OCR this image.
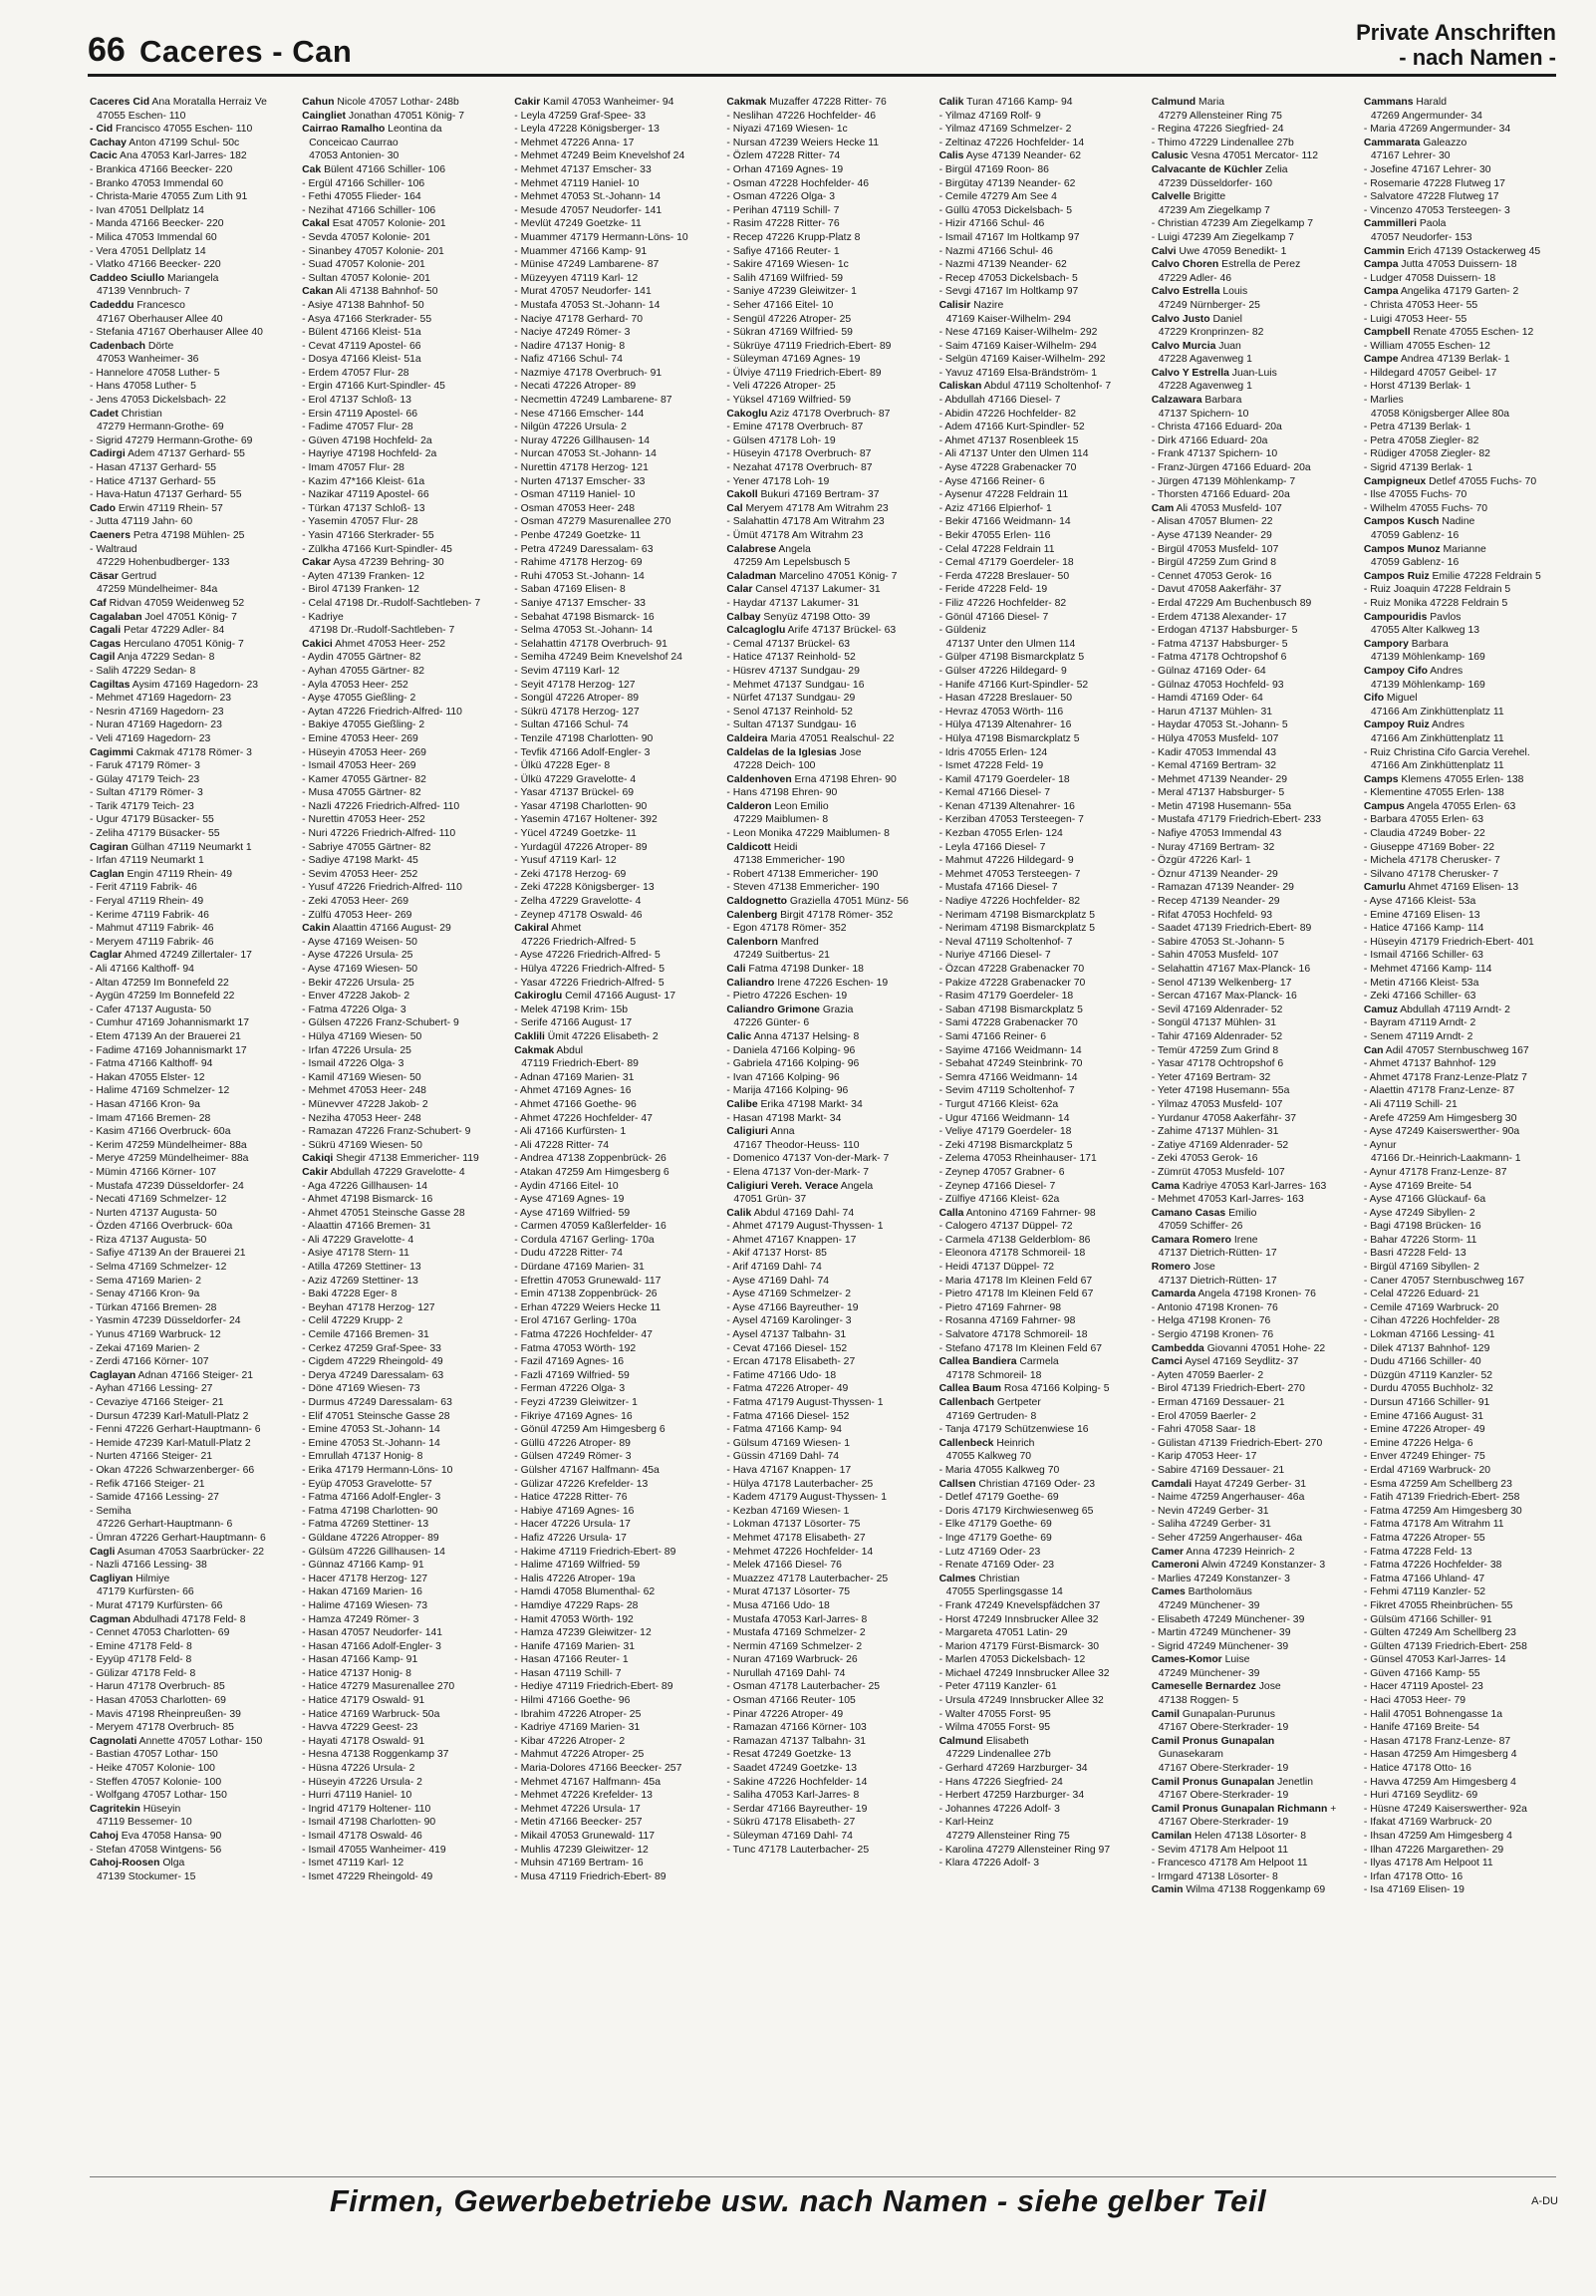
66 Caceres - Can
Private Anschriften
- nach Namen -
Caceres Cid Ana Moratalla Herraiz Ve
47055 Eschen- 110
- Cid Francisco 47055 Eschen- 110
Cachay Anton 47199 Schul- 50c
Cacic Ana 47053 Karl-Jarres- 182
- Brankica 47166 Beecker- 220
- Branko 47053 Immendal 60
- Christa-Marie 47055 Zum Lith 91
- Ivan 47051 Dellplatz 14
- Manda 47166 Beecker- 220
- Milica 47053 Immendal 60
- Vera 47051 Dellplatz 14
- Vlatko 47166 Beecker- 220
Caddeo Sciullo Mariangela
47139 Vennbruch- 7
Cadeddu Francesco
47167 Oberhauser Allee 40
- Stefania 47167 Oberhauser Allee 40
Cadenbach Dörte
47053 Wanheimer- 36
- Hannelore 47058 Luther- 5
- Hans 47058 Luther- 5
- Jens 47053 Dickelsbach- 22
Cadet Christian
47279 Hermann-Grothe- 69
- Sigrid 47279 Hermann-Grothe- 69
Cadirgi Adem 47137 Gerhard- 55
- Hasan 47137 Gerhard- 55
- Hatice 47137 Gerhard- 55
- Hava-Hatun 47137 Gerhard- 55
Cado Erwin 47119 Rhein- 57
- Jutta 47119 Jahn- 60
Caeners Petra 47198 Mühlen- 25
- Waltraud
47229 Hohenbudberger- 133
Cäsar Gertrud
47259 Mündelheimer- 84a
Caf Ridvan 47059 Weidenweg 52
Cagalaban Joel 47051 König- 7
Cagali Petar 47229 Adler- 84
Cagas Herculano 47051 König- 7
Cagil Anja 47229 Sedan- 8
- Salih 47229 Sedan- 8
Cagiltas Aysim 47169 Hagedorn- 23
- Mehmet 47169 Hagedorn- 23
- Nesrin 47169 Hagedorn- 23
- Nuran 47169 Hagedorn- 23
- Veli 47169 Hagedorn- 23
Cagimmi Cakmak 47178 Römer- 3
- Faruk 47179 Römer- 3
- Gülay 47179 Teich- 23
- Sultan 47179 Römer- 3
- Tarik 47179 Teich- 23
- Ugur 47179 Büsacker- 55
- Zeliha 47179 Büsacker- 55
Cagiran Gülhan 47119 Neumarkt 1
- Irfan 47119 Neumarkt 1
Caglan Engin 47119 Rhein- 49
- Ferit 47119 Fabrik- 46
- Feryal 47119 Rhein- 49
- Kerime 47119 Fabrik- 46
- Mahmut 47119 Fabrik- 46
- Meryem 47119 Fabrik- 46
Caglar Ahmed 47249 Zillertaler- 17
- Ali 47166 Kalthoff- 94
- Altan 47259 Im Bonnefeld 22
- Aygün 47259 Im Bonnefeld 22
- Cafer 47137 Augusta- 50
- Cumhur 47169 Johannismarkt 17
- Etem 47139 An der Brauerei 21
- Fadime 47169 Johannismarkt 17
- Fatma 47166 Kalthoff- 94
- Hakan 47055 Elster- 12
- Halime 47169 Schmelzer- 12
- Hasan 47166 Kron- 9a
- Imam 47166 Bremen- 28
- Kasim 47166 Overbruck- 60a
- Kerim 47259 Mündelheimer- 88a
- Merye 47259 Mündelheimer- 88a
- Mümin 47166 Körner- 107
- Mustafa 47239 Düsseldorfer- 24
- Necati 47169 Schmelzer- 12
- Nurten 47137 Augusta- 50
- Özden 47166 Overbruck- 60a
- Riza 47137 Augusta- 50
- Safiye 47139 An der Brauerei 21
- Selma 47169 Schmelzer- 12
- Sema 47169 Marien- 2
- Senay 47166 Kron- 9a
- Türkan 47166 Bremen- 28
- Yasmin 47239 Düsseldorfer- 24
- Yunus 47169 Warbruck- 12
- Zekai 47169 Marien- 2
- Zerdi 47166 Körner- 107
Caglayan Adnan 47166 Steiger- 21
- Ayhan 47166 Lessing- 27
- Cevaziye 47166 Steiger- 21
- Dursun 47239 Karl-Matull-Platz 2
- Fenni 47226 Gerhart-Hauptmann- 6
- Hemide 47239 Karl-Matull-Platz 2
- Nurten 47166 Steiger- 21
- Okan 47226 Schwarzenberger- 66
- Refik 47166 Steiger- 21
- Samide 47166 Lessing- 27
- Semiha
47226 Gerhart-Hauptmann- 6
- Ümran 47226 Gerhart-Hauptmann- 6
Cagli Asuman 47053 Saarbrücker- 22
- Nazli 47166 Lessing- 38
Cagliyan Hilmiye
47179 Kurfürsten- 66
- Murat 47179 Kurfürsten- 66
Cagman Abdulhadi 47178 Feld- 8
- Cennet 47053 Charlotten- 69
- Emine 47178 Feld- 8
- Eyyüp 47178 Feld- 8
- Gülizar 47178 Feld- 8
- Harun 47178 Overbruch- 85
- Hasan 47053 Charlotten- 69
- Mavis 47198 Rheinpreußen- 39
- Meryem 47178 Overbruch- 85
Cagnolati Annette 47057 Lothar- 150
- Bastian 47057 Lothar- 150
- Heike 47057 Kolonie- 100
- Steffen 47057 Kolonie- 100
- Wolfgang 47057 Lothar- 150
Cagritekin Hüseyin
47119 Bessemer- 10
Cahoj Eva 47058 Hansa- 90
- Stefan 47058 Wintgens- 56
Cahoj-Roosen Olga
47139 Stockumer- 15
Cahun Nicole 47057 Lothar- 248b
Caingliet Jonathan 47051 König- 7
Cairrao Ramalho Leontina da
Conceicao Caurrao
47053 Antonien- 30
Cak Bülent 47166 Schiller- 106
- Ergül 47166 Schiller- 106
- Fethi 47055 Flieder- 164
- Nezihat 47166 Schiller- 106
Cakal Esat 47057 Kolonie- 201
- Sevda 47057 Kolonie- 201
- Sinanbey 47057 Kolonie- 201
- Suad 47057 Kolonie- 201
- Sultan 47057 Kolonie- 201
Cakan Ali 47138 Bahnhof- 50
- Asiye 47138 Bahnhof- 50
- Asya 47166 Sterkrader- 55
- Bülent 47166 Kleist- 51a
- Cevat 47119 Apostel- 66
- Dosya 47166 Kleist- 51a
- Erdem 47057 Flur- 28
- Ergin 47166 Kurt-Spindler- 45
- Erol 47137 Schloß- 13
- Ersin 47119 Apostel- 66
- Fadime 47057 Flur- 28
- Güven 47198 Hochfeld- 2a
- Hayriye 47198 Hochfeld- 2a
- Imam 47057 Flur- 28
- Kazim 47*166 Kleist- 61a
- Nazikar 47119 Apostel- 66
- Türkan 47137 Schloß- 13
- Yasemin 47057 Flur- 28
- Yasin 47166 Sterkrader- 55
- Zülkha 47166 Kurt-Spindler- 45
Cakar Aysa 47239 Behring- 30
- Ayten 47139 Franken- 12
- Birol 47139 Franken- 12
- Celal 47198 Dr.-Rudolf-Sachtleben- 7
- Kadriye
47198 Dr.-Rudolf-Sachtleben- 7
Cakici Ahmet 47053 Heer- 252
- Aydin 47055 Gärtner- 82
- Ayhan 47055 Gärtner- 82
- Ayla 47053 Heer- 252
- Ayşe 47055 Gießling- 2
- Aytan 47226 Friedrich-Alfred- 110
- Bakiye 47055 Gießling- 2
- Emine 47053 Heer- 269
- Hüseyin 47053 Heer- 269
- Ismail 47053 Heer- 269
- Kamer 47055 Gärtner- 82
- Musa 47055 Gärtner- 82
- Nazli 47226 Friedrich-Alfred- 110
- Nurettin 47053 Heer- 252
- Nuri 47226 Friedrich-Alfred- 110
- Sabriye 47055 Gärtner- 82
- Sadiye 47198 Markt- 45
- Sevim 47053 Heer- 252
- Yusuf 47226 Friedrich-Alfred- 110
- Zeki 47053 Heer- 269
- Zülfü 47053 Heer- 269
Cakin Alaattin 47166 August- 29
- Ayse 47169 Weisen- 50
- Ayse 47226 Ursula- 25
- Ayse 47169 Wiesen- 50
- Bekir 47226 Ursula- 25
- Enver 47228 Jakob- 2
- Fatma 47226 Olga- 3
- Gülsen 47226 Franz-Schubert- 9
- Hülya 47169 Wiesen- 50
- Irfan 47226 Ursula- 25
- Ismail 47226 Olga- 3
- Kamil 47169 Wiesen- 50
- Mehmet 47053 Heer- 248
- Münevver 47228 Jakob- 2
- Neziha 47053 Heer- 248
- Ramazan 47226 Franz-Schubert- 9
- Sükrü 47169 Wiesen- 50
Cakiqi Shegir 47138 Emmericher- 119
Cakir Abdullah 47229 Gravelotte- 4
- Aga 47226 Gillhausen- 14
- Ahmet 47198 Bismarck- 16
- Ahmet 47051 Steinsche Gasse 28
- Alaattin 47166 Bremen- 31
- Ali 47229 Gravelotte- 4
- Asiye 47178 Stern- 11
- Atilla 47269 Stettiner- 13
- Aziz 47269 Stettiner- 13
- Baki 47228 Eger- 8
- Beyhan 47178 Herzog- 127
- Celil 47229 Krupp- 2
- Cemile 47166 Bremen- 31
- Cerkez 47259 Graf-Spee- 33
- Cigdem 47229 Rheingold- 49
- Derya 47249 Daressalam- 63
- Döne 47169 Wiesen- 73
- Durmus 47249 Daressalam- 63
- Elif 47051 Steinsche Gasse 28
- Emine 47053 St.-Johann- 14
- Emine 47053 St.-Johann- 14
- Emrullah 47137 Honig- 8
- Erika 47179 Hermann-Löns- 10
- Eyüp 47053 Gravelotte- 57
- Fatma 47166 Adolf-Engler- 3
- Fatma 47198 Charlotten- 90
- Fatma 47269 Stettiner- 13
- Güldane 47226 Atropper- 89
- Gülsüm 47226 Gillhausen- 14
- Günnaz 47166 Kamp- 91
- Hacer 47178 Herzog- 127
- Hakan 47169 Marien- 16
- Halime 47169 Wiesen- 73
- Hamza 47249 Römer- 3
- Hasan 47057 Neudorfer- 141
- Hasan 47166 Adolf-Engler- 3
- Hasan 47166 Kamp- 91
- Hatice 47137 Honig- 8
- Hatice 47279 Masurenallee 270
- Hatice 47179 Oswald- 91
- Hatice 47169 Warbruck- 50a
- Havva 47229 Geest- 23
- Hayati 47178 Oswald- 91
- Hesna 47138 Roggenkamp 37
- Hüsna 47226 Ursula- 2
- Hüseyin 47226 Ursula- 2
- Hurri 47119 Haniel- 10
- Ingrid 47179 Holtener- 110
- Ismail 47198 Charlotten- 90
- Ismail 47178 Oswald- 46
- Ismail 47055 Wanheimer- 419
- Ismet 47119 Karl- 12
- Ismet 47229 Rheingold- 49
Cakir Kamil 47053 Wanheimer- 94
- Leyla 47259 Graf-Spee- 33
- Leyla 47228 Königsberger- 13
- Mehmet 47226 Anna- 17
- Mehmet 47249 Beim Knevelshof 24
- Mehmet 47137 Emscher- 33
- Mehmet 47119 Haniel- 10
- Mehmet 47053 St.-Johann- 14
- Mesude 47057 Neudorfer- 141
- Mevlüt 47249 Goetzke- 11
- Muammer 47179 Hermann-Löns- 10
- Muammer 47166 Kamp- 91
- Münise 47249 Lambarene- 87
- Müzeyyen 47119 Karl- 12
- Murat 47057 Neudorfer- 141
- Mustafa 47053 St.-Johann- 14
- Naciye 47178 Gerhard- 70
- Naciye 47249 Römer- 3
- Nadire 47137 Honig- 8
- Nafiz 47166 Schul- 74
- Nazmiye 47178 Overbruch- 91
- Necati 47226 Atroper- 89
- Necmettin 47249 Lambarene- 87
- Nese 47166 Emscher- 144
- Nilgün 47226 Ursula- 2
- Nuray 47226 Gillhausen- 14
- Nurcan 47053 St.-Johann- 14
- Nurettin 47178 Herzog- 121
- Nurten 47137 Emscher- 33
- Osman 47119 Haniel- 10
- Osman 47053 Heer- 248
- Osman 47279 Masurenallee 270
- Penbe 47249 Goetzke- 11
- Petra 47249 Daressalam- 63
- Rahime 47178 Herzog- 69
- Ruhi 47053 St.-Johann- 14
- Saban 47169 Elisen- 8
- Saniye 47137 Emscher- 33
- Sebahat 47198 Bismarck- 16
- Selma 47053 St.-Johann- 14
- Selahattin 47178 Overbruch- 91
- Semiha 47249 Beim Knevelshof 24
- Sevim 47119 Karl- 12
- Seyit 47178 Herzog- 127
- Songül 47226 Atroper- 89
- Sükrü 47178 Herzog- 127
- Sultan 47166 Schul- 74
- Tenzile 47198 Charlotten- 90
- Tevfik 47166 Adolf-Engler- 3
- Ülkü 47228 Eger- 8
- Ülkü 47229 Gravelotte- 4
- Yasar 47137 Brückel- 69
- Yasar 47198 Charlotten- 90
- Yasemin 47167 Holtener- 392
- Yücel 47249 Goetzke- 11
- Yurdagül 47226 Atroper- 89
- Yusuf 47119 Karl- 12
- Zeki 47178 Herzog- 69
- Zeki 47228 Königsberger- 13
- Zelha 47229 Gravelotte- 4
- Zeynep 47178 Oswald- 46
Cakiral Ahmet
47226 Friedrich-Alfred- 5
- Ayse 47226 Friedrich-Alfred- 5
- Hülya 47226 Friedrich-Alfred- 5
- Yasar 47226 Friedrich-Alfred- 5
Cakiroglu Cemil 47166 August- 17
- Melek 47198 Krim- 15b
- Serife 47166 August- 17
Caklili Ümit 47226 Elisabeth- 2
Cakmak Abdul
47119 Friedrich-Ebert- 89
- Adnan 47169 Marien- 31
- Ahmet 47169 Agnes- 16
- Ahmet 47166 Goethe- 96
- Ahmet 47226 Hochfelder- 47
- Ali 47166 Kurfürsten- 1
- Ali 47228 Ritter- 74
- Andrea 47138 Zoppenbrück- 26
- Atakan 47259 Am Himgesberg 6
- Aydin 47166 Eitel- 10
- Ayse 47169 Agnes- 19
- Ayse 47169 Wilfried- 59
- Carmen 47059 Kaßlerfelder- 16
- Cordula 47167 Gerling- 170a
- Dudu 47228 Ritter- 74
- Dürdane 47169 Marien- 31
- Efrettin 47053 Grunewald- 117
- Emin 47138 Zoppenbrück- 26
- Erhan 47229 Weiers Hecke 11
- Erol 47167 Gerling- 170a
- Fatma 47226 Hochfelder- 47
- Fatma 47053 Wörth- 192
- Fazil 47169 Agnes- 16
- Fazli 47169 Wilfried- 59
- Ferman 47226 Olga- 3
- Feyzi 47239 Gleiwitzer- 1
- Fikriye 47169 Agnes- 16
- Gönül 47259 Am Himgesberg 6
- Güllü 47226 Atroper- 89
- Gülsen 47249 Römer- 3
- Gülsher 47167 Halfmann- 45a
- Gülizar 47226 Krefelder- 13
- Hatice 47228 Ritter- 76
- Habiye 47169 Agnes- 16
- Hacer 47226 Ursula- 17
- Hafiz 47226 Ursula- 17
- Hakime 47119 Friedrich-Ebert- 89
- Halime 47169 Wilfried- 59
- Halis 47226 Atroper- 19a
- Hamdi 47058 Blumenthal- 62
- Hamdiye 47229 Raps- 28
- Hamit 47053 Wörth- 192
- Hamza 47239 Gleiwitzer- 12
- Hanife 47169 Marien- 31
- Hasan 47166 Reuter- 1
- Hasan 47119 Schill- 7
- Hediye 47119 Friedrich-Ebert- 89
- Hilmi 47166 Goethe- 96
- Ibrahim 47226 Atroper- 25
- Kadriye 47169 Marien- 31
- Kibar 47226 Atroper- 2
- Mahmut 47226 Atroper- 25
- Maria-Dolores 47166 Beecker- 257
- Mehmet 47167 Halfmann- 45a
- Mehmet 47226 Krefelder- 13
- Mehmet 47226 Ursula- 17
- Metin 47166 Beecker- 257
- Mikail 47053 Grunewald- 117
- Muhlis 47239 Gleiwitzer- 12
- Muhsin 47169 Bertram- 16
- Musa 47119 Friedrich-Ebert- 89
Cakmak Muzaffer 47228 Ritter- 76
- Neslihan 47226 Hochfelder- 46
- Niyazi 47169 Wiesen- 1c
- Nursan 47239 Weiers Hecke 11
- Özlem 47228 Ritter- 74
- Orhan 47169 Agnes- 19
- Osman 47228 Hochfelder- 46
- Osman 47226 Olga- 3
- Perihan 47119 Schill- 7
- Rasim 47228 Ritter- 76
- Recep 47226 Krupp-Platz 8
- Safiye 47166 Reuter- 1
- Sakire 47169 Wiesen- 1c
- Salih 47169 Wilfried- 59
- Saniye 47239 Gleiwitzer- 1
- Seher 47166 Eitel- 10
- Sengül 47226 Atroper- 25
- Sükran 47169 Wilfried- 59
- Sükrüye 47119 Friedrich-Ebert- 89
- Süleyman 47169 Agnes- 19
- Ülviye 47119 Friedrich-Ebert- 89
- Veli 47226 Atroper- 25
- Yüksel 47169 Wilfried- 59
Cakoglu Aziz 47178 Overbruch- 87
- Emine 47178 Overbruch- 87
- Gülsen 47178 Loh- 19
- Hüseyin 47178 Overbruch- 87
- Nezahat 47178 Overbruch- 87
- Yener 47178 Loh- 19
Cakoll Bukuri 47169 Bertram- 37
Cal Meryem 47178 Am Witrahm 23
- Salahattin 47178 Am Witrahm 23
- Ümüt 47178 Am Witrahm 23
Calabrese Angela
47259 Am Lepelsbusch 5
Caladman Marcelino 47051 König- 7
Calar Cansel 47137 Lakumer- 31
- Haydar 47137 Lakumer- 31
Calbay Senyüz 47198 Otto- 39
Calcagloglu Arife 47137 Brückel- 63
- Cemal 47137 Brückel- 63
- Hatice 47137 Reinhold- 52
- Hüsrev 47137 Sundgau- 29
- Mehmet 47137 Sundgau- 16
- Nürfet 47137 Sundgau- 29
- Senol 47137 Reinhold- 52
- Sultan 47137 Sundgau- 16
Caldeira Maria 47051 Realschul- 22
Caldelas de la Iglesias Jose
47228 Deich- 100
Caldenhoven Erna 47198 Ehren- 90
- Hans 47198 Ehren- 90
Calderon Leon Emilio
47229 Maiblumen- 8
- Leon Monika 47229 Maiblumen- 8
Caldicott Heidi
47138 Emmericher- 190
- Robert 47138 Emmericher- 190
- Steven 47138 Emmericher- 190
Caldognetto Graziella 47051 Münz- 56
Calenberg Birgit 47178 Römer- 352
- Egon 47178 Römer- 352
Calenborn Manfred
47249 Suitbertus- 21
Cali Fatma 47198 Dunker- 18
Caliandro Irene 47226 Eschen- 19
- Pietro 47226 Eschen- 19
Caliandro Grimone Grazia
47226 Günter- 6
Calic Anna 47137 Helsing- 8
- Daniela 47166 Kolping- 96
- Gabriela 47166 Kolping- 96
- Ivan 47166 Kolping- 96
- Marija 47166 Kolping- 96
Calibe Erika 47198 Markt- 34
- Hasan 47198 Markt- 34
Caligiuri Anna
47167 Theodor-Heuss- 110
- Domenico 47137 Von-der-Mark- 7
- Elena 47137 Von-der-Mark- 7
Caligiuri Vereh. Verace Angela
47051 Grün- 37
Calik Abdul 47169 Dahl- 74
- Ahmet 47179 August-Thyssen- 1
- Ahmet 47167 Knappen- 17
- Akif 47137 Horst- 85
- Arif 47169 Dahl- 74
- Ayse 47169 Dahl- 74
- Ayse 47169 Schmelzer- 2
- Ayse 47166 Bayreuther- 19
- Aysel 47169 Karolinger- 3
- Aysel 47137 Talbahn- 31
- Cevat 47166 Diesel- 152
- Ercan 47178 Elisabeth- 27
- Fatime 47166 Udo- 18
- Fatma 47226 Atroper- 49
- Fatma 47179 August-Thyssen- 1
- Fatma 47166 Diesel- 152
- Fatma 47166 Kamp- 94
- Gülsum 47169 Wiesen- 1
- Güssin 47169 Dahl- 74
- Hava 47167 Knappen- 17
- Hülya 47178 Lauterbacher- 25
- Kadem 47179 August-Thyssen- 1
- Kezban 47169 Wiesen- 1
- Lokman 47137 Lösorter- 75
- Mehmet 47178 Elisabeth- 27
- Mehmet 47226 Hochfelder- 14
- Melek 47166 Diesel- 76
- Muazzez 47178 Lauterbacher- 25
- Murat 47137 Lösorter- 75
- Musa 47166 Udo- 18
- Mustafa 47053 Karl-Jarres- 8
- Mustafa 47169 Schmelzer- 2
- Nermin 47169 Schmelzer- 2
- Nuran 47169 Warbruck- 26
- Nurullah 47169 Dahl- 74
- Osman 47178 Lauterbacher- 25
- Osman 47166 Reuter- 105
- Pinar 47226 Atroper- 49
- Ramazan 47166 Körner- 103
- Ramazan 47137 Talbahn- 31
- Resat 47249 Goetzke- 13
- Saadet 47249 Goetzke- 13
- Sakine 47226 Hochfelder- 14
- Saliha 47053 Karl-Jarres- 8
- Serdar 47166 Bayreuther- 19
- Sükrü 47178 Elisabeth- 27
- Süleyman 47169 Dahl- 74
- Tunc 47178 Lauterbacher- 25
Calik Turan 47166 Kamp- 94
- Yilmaz 47169 Rolf- 9
- Yilmaz 47169 Schmelzer- 2
- Zeltinaz 47226 Hochfelder- 14
Calis Ayse 47139 Neander- 62
- Birgül 47169 Roon- 86
- Birgütay 47139 Neander- 62
- Cemile 47279 Am See 4
- Güllü 47053 Dickelsbach- 5
- Hizir 47166 Schul- 46
- Ismail 47167 Im Holtkamp 97
- Nazmi 47166 Schul- 46
- Nazmi 47139 Neander- 62
- Recep 47053 Dickelsbach- 5
- Sevgi 47167 Im Holtkamp 97
Calisir Nazire
47169 Kaiser-Wilhelm- 294
- Nese 47169 Kaiser-Wilhelm- 292
- Saim 47169 Kaiser-Wilhelm- 294
- Selgün 47169 Kaiser-Wilhelm- 292
- Yavuz 47169 Elsa-Brändström- 1
Caliskan Abdul 47119 Scholtenhof- 7
- Abdullah 47166 Diesel- 7
- Abidin 47226 Hochfelder- 82
- Adem 47166 Kurt-Spindler- 52
- Ahmet 47137 Rosenbleek 15
- Ali 47137 Unter den Ulmen 114
- Ayse 47228 Grabenacker 70
- Ayse 47166 Reiner- 6
- Aysenur 47228 Feldrain 11
- Aziz 47166 Elpierhof- 1
- Bekir 47166 Weidmann- 14
- Bekir 47055 Erlen- 116
- Celal 47228 Feldrain 11
- Cemal 47179 Goerdeler- 18
- Ferda 47228 Breslauer- 50
- Feride 47228 Feld- 19
- Filiz 47226 Hochfelder- 82
- Gönül 47166 Diesel- 7
- Güldeniz
47137 Unter den Ulmen 114
- Gülper 47198 Bismarckplatz 5
- Gülser 47226 Hildegard- 9
- Hanife 47166 Kurt-Spindler- 52
- Hasan 47228 Breslauer- 50
- Hevraz 47053 Wörth- 116
- Hülya 47139 Altenahrer- 16
- Hülya 47198 Bismarckplatz 5
- Idris 47055 Erlen- 124
- Ismet 47228 Feld- 19
- Kamil 47179 Goerdeler- 18
- Kemal 47166 Diesel- 7
- Kenan 47139 Altenahrer- 16
- Kerziban 47053 Tersteegen- 7
- Kezban 47055 Erlen- 124
- Leyla 47166 Diesel- 7
- Mahmut 47226 Hildegard- 9
- Mehmet 47053 Tersteegen- 7
- Mustafa 47166 Diesel- 7
- Nadiye 47226 Hochfelder- 82
- Nerimam 47198 Bismarckplatz 5
- Nerimam 47198 Bismarckplatz 5
- Neval 47119 Scholtenhof- 7
- Nuriye 47166 Diesel- 7
- Özcan 47228 Grabenacker 70
- Pakize 47228 Grabenacker 70
- Rasim 47179 Goerdeler- 18
- Saban 47198 Bismarckplatz 5
- Sami 47228 Grabenacker 70
- Sami 47166 Reiner- 6
- Sayime 47166 Weidmann- 14
- Sebahat 47249 Steinbrink- 70
- Semra 47166 Weidmann- 14
- Sevim 47119 Scholtenhof- 7
- Turgut 47166 Kleist- 62a
- Ugur 47166 Weidmann- 14
- Veliye 47179 Goerdeler- 18
- Zeki 47198 Bismarckplatz 5
- Zelema 47053 Rheinhauser- 171
- Zeynep 47057 Grabner- 6
- Zeynep 47166 Diesel- 7
- Zülfiye 47166 Kleist- 62a
Calla Antonino 47169 Fahrner- 98
- Calogero 47137 Düppel- 72
- Carmela 47138 Gelderblom- 86
- Eleonora 47178 Schmoreil- 18
- Heidi 47137 Düppel- 72
- Maria 47178 Im Kleinen Feld 67
- Pietro 47178 Im Kleinen Feld 67
- Pietro 47169 Fahrner- 98
- Rosanna 47169 Fahrner- 98
- Salvatore 47178 Schmoreil- 18
- Stefano 47178 Im Kleinen Feld 67
Callea Bandiera Carmela
47178 Schmoreil- 18
Callea Baum Rosa 47166 Kolping- 5
Callenbach Gertpeter
47169 Gertruden- 8
- Tanja 47179 Schützenwiese 16
Callenbeck Heinrich
47055 Kalkweg 70
- Maria 47055 Kalkweg 70
Callsen Christian 47169 Oder- 23
- Detlef 47179 Goethe- 69
- Doris 47179 Kirchwiesenweg 65
- Elke 47179 Goethe- 69
- Inge 47179 Goethe- 69
- Lutz 47169 Oder- 23
- Renate 47169 Oder- 23
Calmes Christian
47055 Sperlingsgasse 14
- Frank 47249 Knevelspfädchen 37
- Horst 47249 Innsbrucker Allee 32
- Margareta 47051 Latin- 29
- Marion 47179 Fürst-Bismarck- 30
- Marlen 47053 Dickelsbach- 12
- Michael 47249 Innsbrucker Allee 32
- Peter 47119 Kanzler- 61
- Ursula 47249 Innsbrucker Allee 32
- Walter 47055 Forst- 95
- Wilma 47055 Forst- 95
Calmund Elisabeth
47229 Lindenallee 27b
- Gerhard 47269 Harzburger- 34
- Hans 47226 Siegfried- 24
- Herbert 47259 Harzburger- 34
- Johannes 47226 Adolf- 3
- Karl-Heinz
47279 Allensteiner Ring 75
- Karolina 47279 Allensteiner Ring 97
- Klara 47226 Adolf- 3
Calmund Maria
47279 Allensteiner Ring 75
- Regina 47226 Siegfried- 24
- Thimo 47229 Lindenallee 27b
Calusic Vesna 47051 Mercator- 112
Calvacante de Küchler Zelia
47239 Düsseldorfer- 160
Calvelle Brigitte
47239 Am Ziegelkamp 7
- Christian 47239 Am Ziegelkamp 7
- Luigi 47239 Am Ziegelkamp 7
Calvi Uwe 47059 Benedikt- 1
Calvo Choren Estrella de Perez
47229 Adler- 46
Calvo Estrella Louis
47249 Nürnberger- 25
Calvo Justo Daniel
47229 Kronprinzen- 82
Calvo Murcia Juan
47228 Agavenweg 1
Calvo Y Estrella Juan-Luis
47228 Agavenweg 1
Calzawara Barbara
47137 Spichern- 10
- Christa 47166 Eduard- 20a
- Dirk 47166 Eduard- 20a
- Frank 47137 Spichern- 10
- Franz-Jürgen 47166 Eduard- 20a
- Jürgen 47139 Möhlenkamp- 7
- Thorsten 47166 Eduard- 20a
Cam Ali 47053 Musfeld- 107
- Alisan 47057 Blumen- 22
- Ayse 47139 Neander- 29
- Birgül 47053 Musfeld- 107
- Birgül 47259 Zum Grind 8
- Cennet 47053 Gerok- 16
- Davut 47058 Aakerfähr- 37
- Erdal 47229 Am Buchenbusch 89
- Erdem 47138 Alexander- 17
- Erdogan 47137 Habsburger- 5
- Fatma 47137 Habsburger- 5
- Fatma 47178 Ochtropshof 6
- Gülnaz 47169 Oder- 64
- Gülnaz 47053 Hochfeld- 93
- Hamdi 47169 Oder- 64
- Harun 47137 Mühlen- 31
- Haydar 47053 St.-Johann- 5
- Hülya 47053 Musfeld- 107
- Kadir 47053 Immendal 43
- Kemal 47169 Bertram- 32
- Mehmet 47139 Neander- 29
- Meral 47137 Habsburger- 5
- Metin 47198 Husemann- 55a
- Mustafa 47179 Friedrich-Ebert- 233
- Nafiye 47053 Immendal 43
- Nuray 47169 Bertram- 32
- Özgür 47226 Karl- 1
- Öznur 47139 Neander- 29
- Ramazan 47139 Neander- 29
- Recep 47139 Neander- 29
- Rifat 47053 Hochfeld- 93
- Saadet 47139 Friedrich-Ebert- 89
- Sabire 47053 St.-Johann- 5
- Sahin 47053 Musfeld- 107
- Selahattin 47167 Max-Planck- 16
- Senol 47139 Welkenberg- 17
- Sercan 47167 Max-Planck- 16
- Sevil 47169 Aldenrader- 52
- Songül 47137 Mühlen- 31
- Tahir 47169 Aldenrader- 52
- Temür 47259 Zum Grind 8
- Yasar 47178 Ochtropshof 6
- Yeter 47169 Bertram- 32
- Yeter 47198 Husemann- 55a
- Yilmaz 47053 Musfeld- 107
- Yurdanur 47058 Aakerfähr- 37
- Zahime 47137 Mühlen- 31
- Zatiye 47169 Aldenrader- 52
- Zeki 47053 Gerok- 16
- Zümrüt 47053 Musfeld- 107
Cama Kadriye 47053 Karl-Jarres- 163
- Mehmet 47053 Karl-Jarres- 163
Camano Casas Emilio
47059 Schiffer- 26
Camara Romero Irene
47137 Dietrich-Rütten- 17
Romero Jose
47137 Dietrich-Rütten- 17
Camarda Angela 47198 Kronen- 76
- Antonio 47198 Kronen- 76
- Helga 47198 Kronen- 76
- Sergio 47198 Kronen- 76
Cambedda Giovanni 47051 Hohe- 22
Camci Aysel 47169 Seydlitz- 37
- Ayten 47059 Baerler- 2
- Birol 47139 Friedrich-Ebert- 270
- Erman 47169 Dessauer- 21
- Erol 47059 Baerler- 2
- Fahri 47058 Saar- 18
- Gülistan 47139 Friedrich-Ebert- 270
- Karip 47053 Heer- 17
- Sabire 47169 Dessauer- 21
Camdali Hayat 47249 Gerber- 31
- Naime 47259 Angerhauser- 46a
- Nevin 47249 Gerber- 31
- Saliha 47249 Gerber- 31
- Seher 47259 Angerhauser- 46a
Camer Anna 47239 Heinrich- 2
Cameroni Alwin 47249 Konstanzer- 3
- Marlies 47249 Konstanzer- 3
Cames Bartholomäus
47249 Münchener- 39
- Elisabeth 47249 Münchener- 39
- Martin 47249 Münchener- 39
- Sigrid 47249 Münchener- 39
Cames-Komor Luise
47249 Münchener- 39
Cameselle Bernardez Jose
47138 Roggen- 5
Camil Gunapalan-Purunus
47167 Obere-Sterkrader- 19
Camil Pronus Gunapalan
Gunasekaram
47167 Obere-Sterkrader- 19
Camil Pronus Gunapalan Jenetlin
47167 Obere-Sterkrader- 19
Camil Pronus Gunapalan Richmann +
47167 Obere-Sterkrader- 19
Camilan Helen 47138 Lösorter- 8
- Sevim 47178 Am Helpoot 11
- Francesco 47178 Am Helpoot 11
- Irmgard 47138 Lösorter- 8
Camin Wilma 47138 Roggenkamp 69
Cammans Harald
47269 Angermunder- 34
- Maria 47269 Angermunder- 34
Cammarata Galeazzo
47167 Lehrer- 30
- Josefine 47167 Lehrer- 30
- Rosemarie 47228 Flutweg 17
- Salvatore 47228 Flutweg 17
- Vincenzo 47053 Tersteegen- 3
Cammilleri Paola
47057 Neudorfer- 153
Cammin Erich 47139 Ostackerweg 45
Campa Jutta 47053 Duissern- 18
- Ludger 47058 Duissern- 18
Campa Angelika 47179 Garten- 2
- Christa 47053 Heer- 55
- Luigi 47053 Heer- 55
Campbell Renate 47055 Eschen- 12
- William 47055 Eschen- 12
Campe Andrea 47139 Berlak- 1
- Hildegard 47057 Geibel- 17
- Horst 47139 Berlak- 1
- Marlies
47058 Königsberger Allee 80a
- Petra 47139 Berlak- 1
- Petra 47058 Ziegler- 82
- Rüdiger 47058 Ziegler- 82
- Sigrid 47139 Berlak- 1
Campigneux Detlef 47055 Fuchs- 70
- Ilse 47055 Fuchs- 70
- Wilhelm 47055 Fuchs- 70
Campos Kusch Nadine
47059 Gablenz- 16
Campos Munoz Marianne
47059 Gablenz- 16
Campos Ruiz Emilie 47228 Feldrain 5
- Ruiz Joaquin 47228 Feldrain 5
- Ruiz Monika 47228 Feldrain 5
Campouridis Pavlos
47055 Alter Kalkweg 13
Campory Barbara
47139 Möhlenkamp- 169
Campoy Cifo Andres
47139 Möhlenkamp- 169
Cifo Miguel
47166 Am Zinkhüttenplatz 11
Campoy Ruiz Andres
47166 Am Zinkhüttenplatz 11
- Ruiz Christina Cifo Garcia Verehel.
47166 Am Zinkhüttenplatz 11
Camps Klemens 47055 Erlen- 138
- Klementine 47055 Erlen- 138
Campus Angela 47055 Erlen- 63
- Barbara 47055 Erlen- 63
- Claudia 47249 Bober- 22
- Giuseppe 47169 Bober- 22
- Michela 47178 Cherusker- 7
- Silvano 47178 Cherusker- 7
Camurlu Ahmet 47169 Elisen- 13
- Ayse 47166 Kleist- 53a
- Emine 47169 Elisen- 13
- Hatice 47166 Kamp- 114
- Hüseyin 47179 Friedrich-Ebert- 401
- Ismail 47166 Schiller- 63
- Mehmet 47166 Kamp- 114
- Metin 47166 Kleist- 53a
- Zeki 47166 Schiller- 63
Camuz Abdullah 47119 Arndt- 2
- Bayram 47119 Arndt- 2
- Senem 47119 Arndt- 2
Can Adil 47057 Sternbuschweg 167
- Ahmet 47137 Bahnhof- 129
- Ahmet 47178 Franz-Lenze-Platz 7
- Alaettin 47178 Franz-Lenze- 87
- Ali 47119 Schill- 21
- Arefe 47259 Am Himgesberg 30
- Ayse 47249 Kaiserswerther- 90a
- Aynur
47166 Dr.-Heinrich-Laakmann- 1
- Aynur 47178 Franz-Lenze- 87
- Ayse 47169 Breite- 54
- Ayse 47166 Glückauf- 6a
- Ayse 47249 Sibyllen- 2
- Bagi 47198 Brücken- 16
- Bahar 47226 Storm- 11
- Basri 47228 Feld- 13
- Birgül 47169 Sibyllen- 2
- Caner 47057 Sternbuschweg 167
- Celal 47226 Eduard- 21
- Cemile 47169 Warbruck- 20
- Cihan 47226 Hochfelder- 28
- Lokman 47166 Lessing- 41
- Dilek 47137 Bahnhof- 129
- Dudu 47166 Schiller- 40
- Düzgün 47119 Kanzler- 52
- Durdu 47055 Buchholz- 32
- Dursun 47166 Schiller- 91
- Emine 47166 August- 31
- Emine 47226 Atroper- 49
- Emine 47226 Helga- 6
- Enver 47249 Ehinger- 75
- Erdal 47169 Warbruck- 20
- Esma 47259 Am Schellberg 23
- Fatih 47139 Friedrich-Ebert- 258
- Fatma 47259 Am Himgesberg 30
- Fatma 47178 Am Witrahm 11
- Fatma 47226 Atroper- 55
- Fatma 47228 Feld- 13
- Fatma 47226 Hochfelder- 38
- Fatma 47166 Uhland- 47
- Fehmi 47119 Kanzler- 52
- Fikret 47055 Rheinbrüchen- 55
- Gülsüm 47166 Schiller- 91
- Gülten 47249 Am Schellberg 23
- Gülten 47139 Friedrich-Ebert- 258
- Günsel 47053 Karl-Jarres- 14
- Güven 47166 Kamp- 55
- Hacer 47119 Apostel- 23
- Haci 47053 Heer- 79
- Halil 47051 Bohnengasse 1a
- Hanife 47169 Breite- 54
- Hasan 47178 Franz-Lenze- 87
- Hasan 47259 Am Himgesberg 4
- Hatice 47178 Otto- 16
- Havva 47259 Am Himgesberg 4
- Huri 47169 Seydlitz- 69
- Hüsne 47249 Kaiserswerther- 92a
- Ifakat 47169 Warbruck- 20
- Ihsan 47259 Am Himgesberg 4
- Ilhan 47226 Margarethen- 29
- Ilyas 47178 Am Helpoot 11
- Irfan 47178 Otto- 16
- Isa 47169 Elisen- 19
Firmen, Gewerbebetriebe usw. nach Namen - siehe gelber Teil	A-DU
